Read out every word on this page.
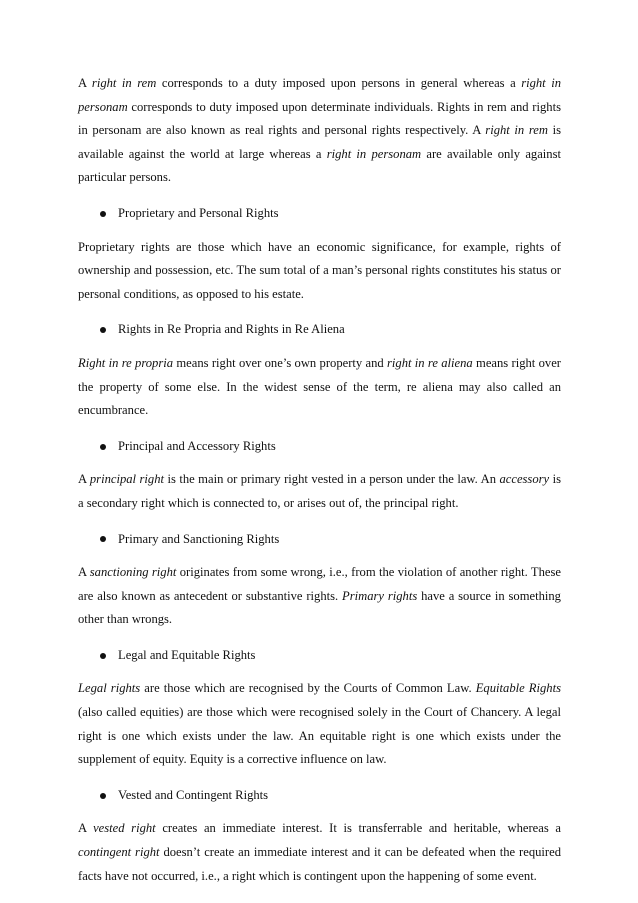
A right in rem corresponds to a duty imposed upon persons in general whereas a right in personam corresponds to duty imposed upon determinate individuals. Rights in rem and rights in personam are also known as real rights and personal rights respectively. A right in rem is available against the world at large whereas a right in personam are available only against particular persons.

Proprietary and Personal Rights

Proprietary rights are those which have an economic significance, for example, rights of ownership and possession, etc. The sum total of a man’s personal rights constitutes his status or personal conditions, as opposed to his estate.

Rights in Re Propria and Rights in Re Aliena

Right in re propria means right over one’s own property and right in re aliena means right over the property of some else. In the widest sense of the term, re aliena may also called an encumbrance.

Principal and Accessory Rights

A principal right is the main or primary right vested in a person under the law. An accessory is a secondary right which is connected to, or arises out of, the principal right.

Primary and Sanctioning Rights

A sanctioning right originates from some wrong, i.e., from the violation of another right. These are also known as antecedent or substantive rights. Primary rights have a source in something other than wrongs.

Legal and Equitable Rights

Legal rights are those which are recognised by the Courts of Common Law. Equitable Rights (also called equities) are those which were recognised solely in the Court of Chancery. A legal right is one which exists under the law. An equitable right is one which exists under the supplement of equity. Equity is a corrective influence on law.

Vested and Contingent Rights

A vested right creates an immediate interest. It is transferrable and heritable, whereas a contingent right doesn’t create an immediate interest and it can be defeated when the required facts have not occurred, i.e., a right which is contingent upon the happening of some event.
